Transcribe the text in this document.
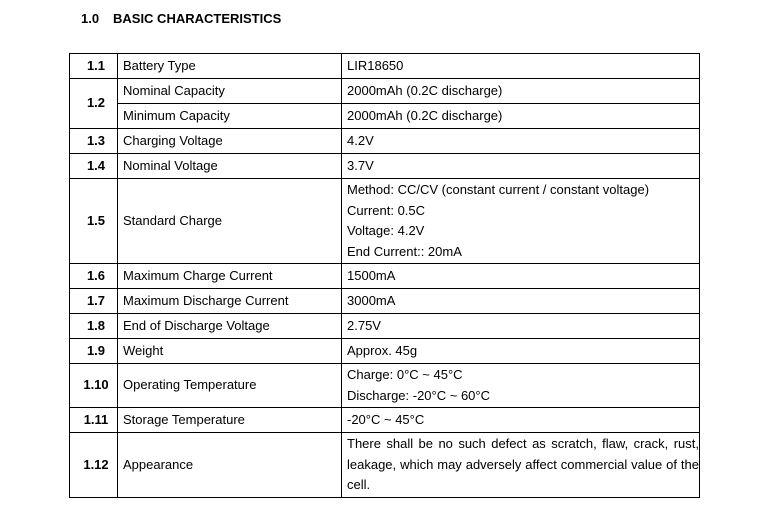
1.0 BASIC CHARACTERISTICS
1.1	Battery Type	LIR18650
1.2	Nominal Capacity	2000mAh (0.2C discharge)
	Minimum Capacity	2000mAh (0.2C discharge)
1.3	Charging Voltage	4.2V
1.4	Nominal Voltage	3.7V
1.5	Standard Charge	Method: CC/CV (constant current / constant voltage)
Current: 0.5C
Voltage: 4.2V
End Current:: 20mA

1.6	Maximum Charge Current	1500mA
1.7	Maximum Discharge Current	3000mA
1.8	End of Discharge Voltage	2.75V
1.9	Weight	Approx. 45g
1.10	Operating Temperature	Charge: 0°C ~ 45°C
Discharge: -20°C ~ 60°C

1.11	Storage Temperature	-20°C ~ 45°C
1.12	Appearance	There shall be no such defect as scratch, flaw, crack, rust, leakage, which may adversely affect commercial value of the cell.
